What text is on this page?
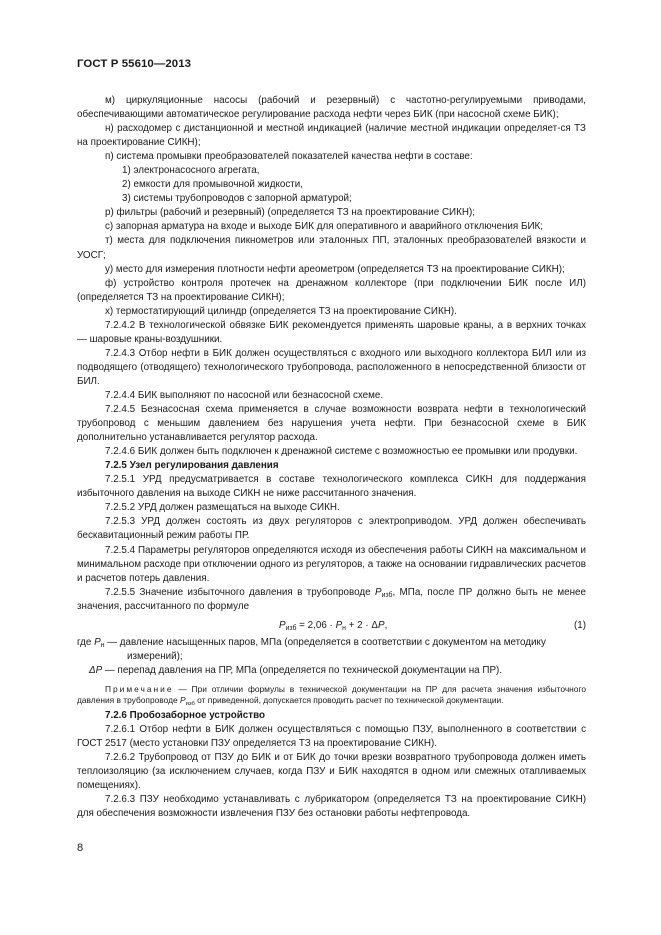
ГОСТ Р 55610—2013

м) циркуляционные насосы (рабочий и резервный) с частотно-регулируемыми приводами, обеспечивающими автоматическое регулирование расхода нефти через БИК (при насосной схеме БИК);

н) расходомер с дистанционной и местной индикацией (наличие местной индикации определяет-ся ТЗ на проектирование СИКН);

п) система промывки преобразователей показателей качества нефти в составе:

1) электронасосного агрегата,

2) емкости для промывочной жидкости,

3) системы трубопроводов с запорной арматурой;

р) фильтры (рабочий и резервный) (определяется ТЗ на проектирование СИКН);

с) запорная арматура на входе и выходе БИК для оперативного и аварийного отключения БИК;

т) места для подключения пикнометров или эталонных ПП, эталонных преобразователей вязкости и УОСГ;

у) место для измерения плотности нефти ареометром (определяется ТЗ на проектирование СИКН);

ф) устройство контроля протечек на дренажном коллекторе (при подключении БИК после ИЛ) (определяется ТЗ на проектирование СИКН);

х) термостатирующий цилиндр (определяется ТЗ на проектирование СИКН).

7.2.4.2 В технологической обвязке БИК рекомендуется применять шаровые краны, а в верхних точках — шаровые краны-воздушники.

7.2.4.3 Отбор нефти в БИК должен осуществляться с входного или выходного коллектора БИЛ или из подводящего (отводящего) технологического трубопровода, расположенного в непосредственной близости от БИЛ.

7.2.4.4 БИК выполняют по насосной или безнасосной схеме.

7.2.4.5 Безнасосная схема применяется в случае возможности возврата нефти в технологический трубопровод с меньшим давлением без нарушения учета нефти. При безнасосной схеме в БИК дополнительно устанавливается регулятор расхода.

7.2.4.6 БИК должен быть подключен к дренажной системе с возможностью ее промывки или продувки.

7.2.5 Узел регулирования давления

7.2.5.1 УРД предусматривается в составе технологического комплекса СИКН для поддержания избыточного давления на выходе СИКН не ниже рассчитанного значения.

7.2.5.2 УРД должен размещаться на выходе СИКН.

7.2.5.3 УРД должен состоять из двух регуляторов с электроприводом. УРД должен обеспечивать бескавитационный режим работы ПР.

7.2.5.4 Параметры регуляторов определяются исходя из обеспечения работы СИКН на максимальном и минимальном расходе при отключении одного из регуляторов, а также на основании гидравлических расчетов и расчетов потерь давления.

7.2.5.5 Значение избыточного давления в трубопроводе $P_{изб}$, МПа, после ПР должно быть не менее значения, рассчитанного по формуле

$P_{изб} = 2,06 \cdot P_н + 2 \cdot \Delta P$,	(1)

где $P_н$ — давление насыщенных паров, МПа (определяется в соответствии с документом на методику

измерений);

ΔP — перепад давления на ПР, МПа (определяется по технической документации на ПР).

Примечание — При отличии формулы в технической документации на ПР для расчета значения избыточного давления в трубопроводе $P_{изб}$ от приведенной, допускается проводить расчет по технической документации.

7.2.6 Пробозаборное устройство

7.2.6.1 Отбор нефти в БИК должен осуществляться с помощью ПЗУ, выполненного в соответствии с ГОСТ 2517 (место установки ПЗУ определяется ТЗ на проектирование СИКН).

7.2.6.2 Трубопровод от ПЗУ до БИК и от БИК до точки врезки возвратного трубопровода должен иметь теплоизоляцию (за исключением случаев, когда ПЗУ и БИК находятся в одном или смежных отапливаемых помещениях).

7.2.6.3 ПЗУ необходимо устанавливать с лубрикатором (определяется ТЗ на проектирование СИКН) для обеспечения возможности извлечения ПЗУ без остановки работы нефтепровода.

8
